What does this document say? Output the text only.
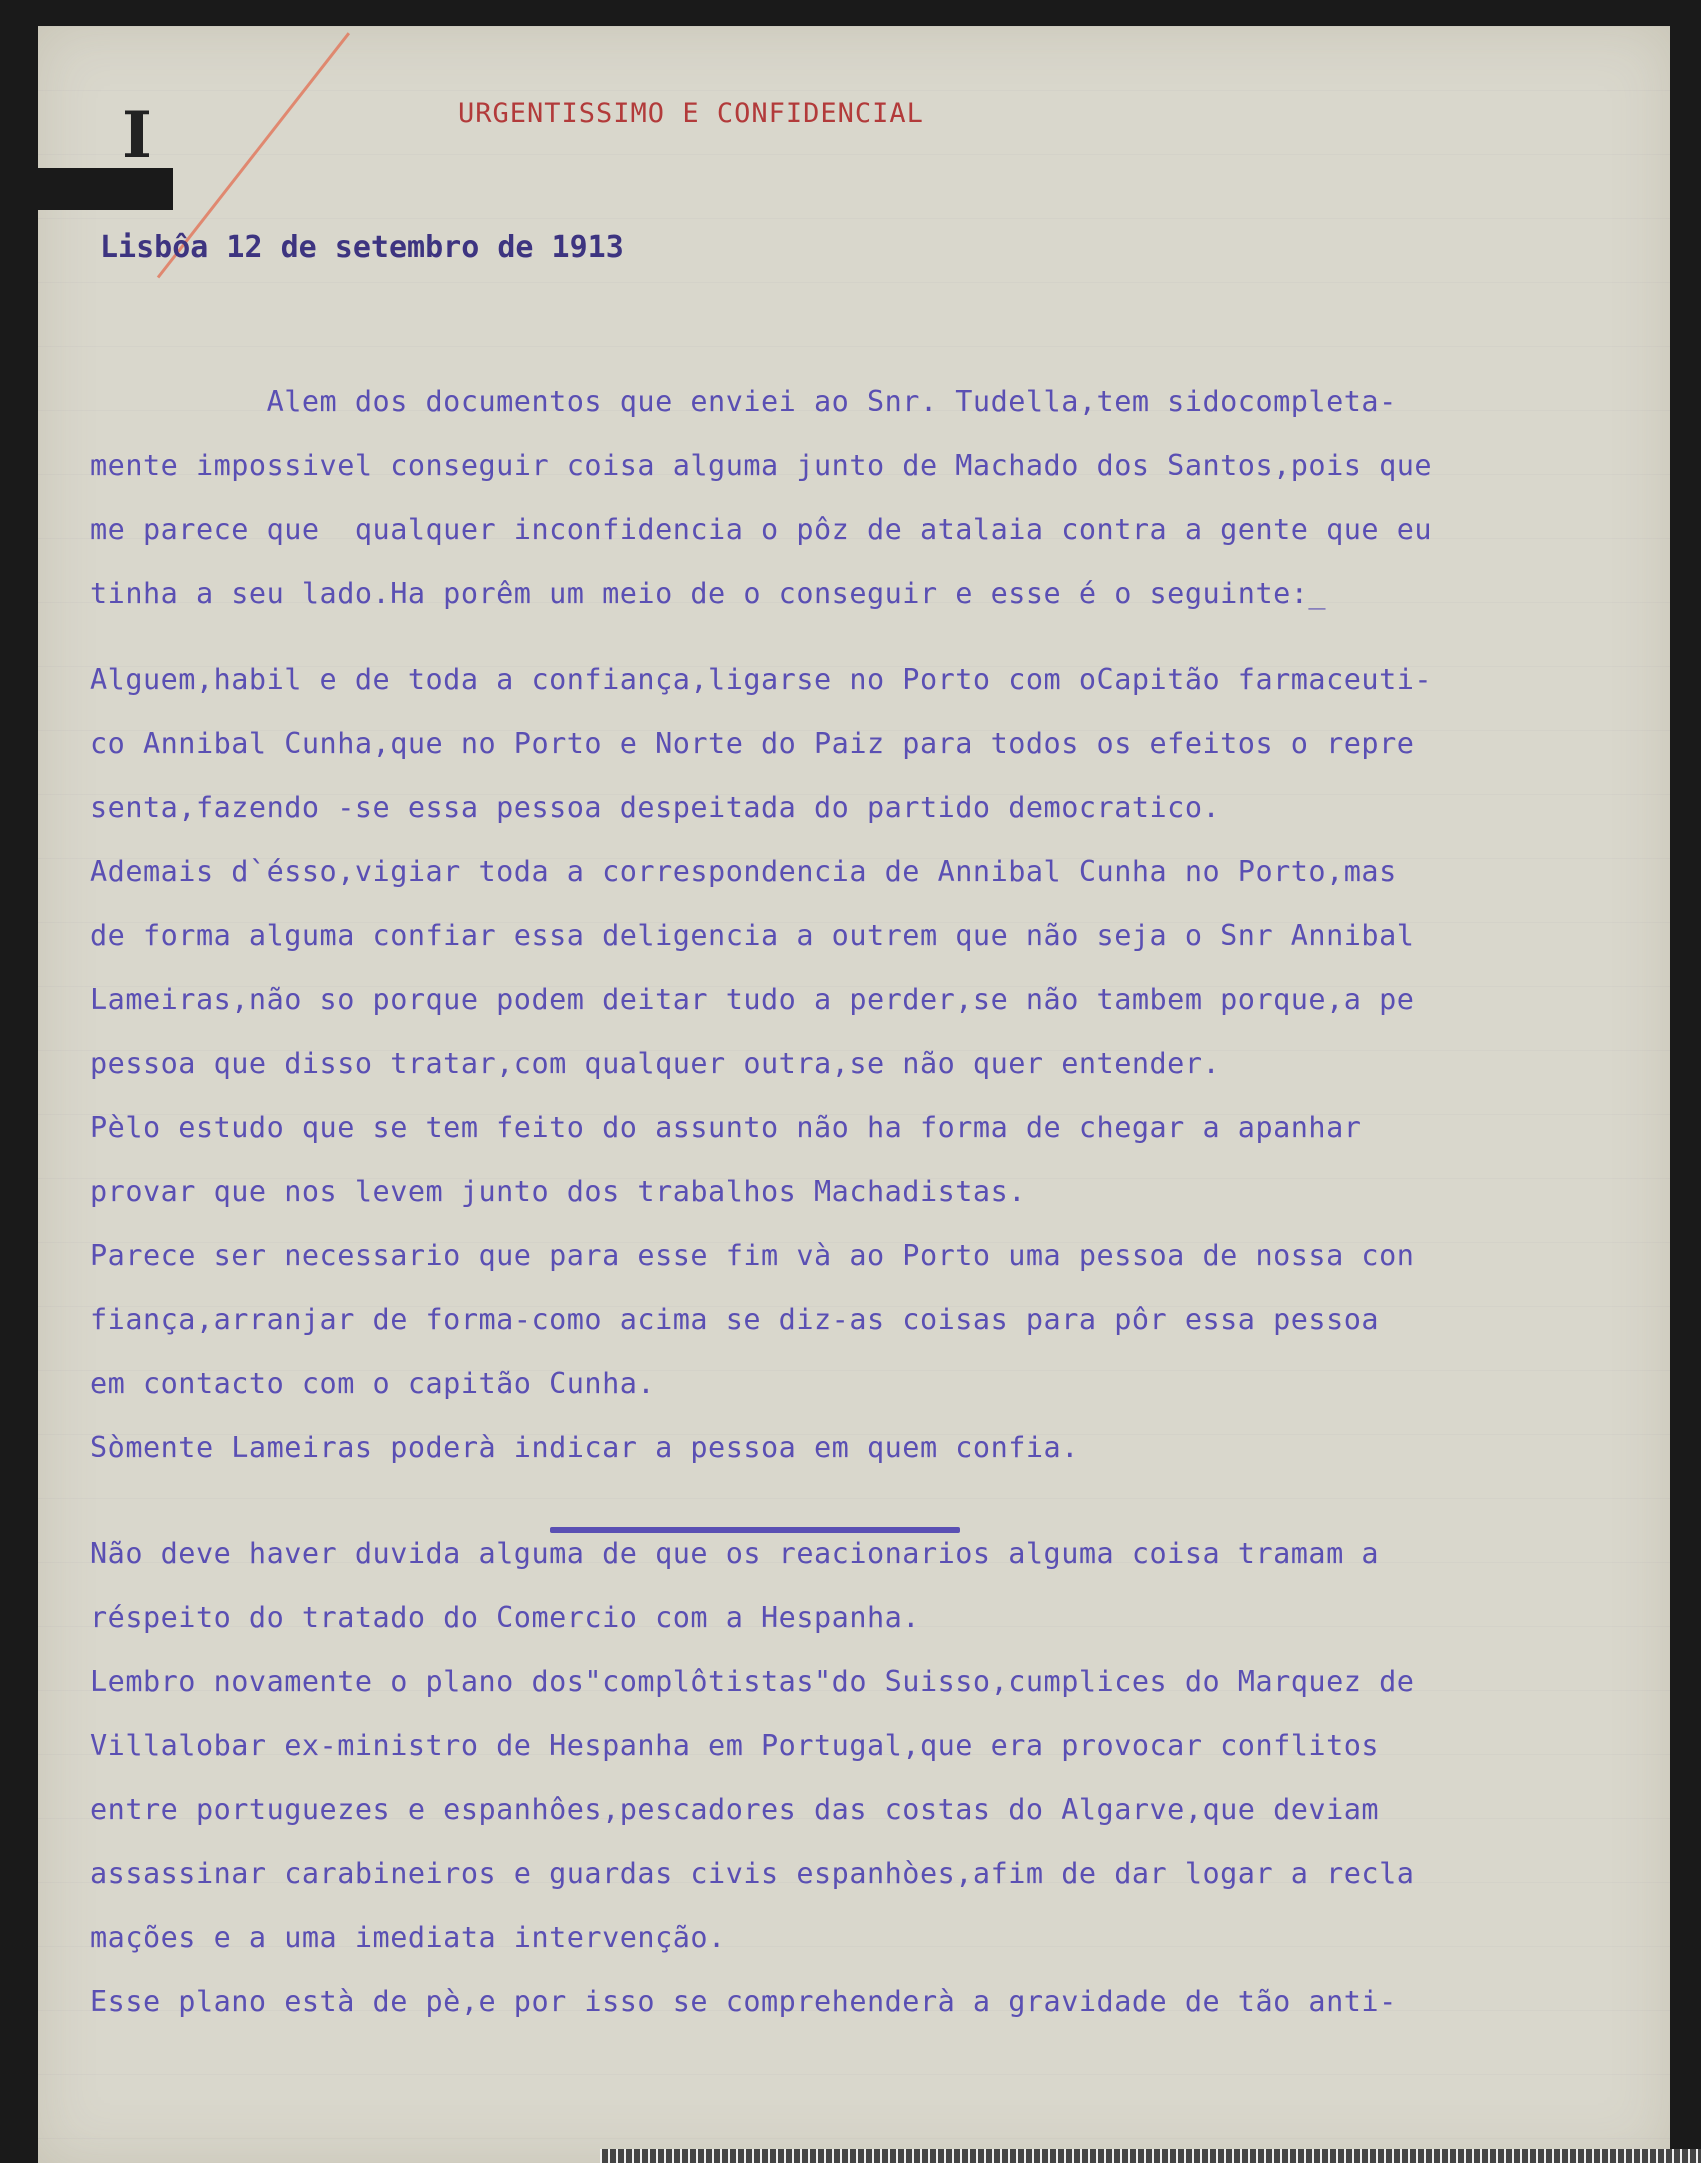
I	URGENTISSIMO E CONFIDENCIAL
Lisbôa 12 de setembro de 1913
Alem dos documentos que enviei ao Snr. Tudella,tem sidocompleta-
mente impossivel conseguir coisa alguma junto de Machado dos Santos,pois que
me parece que  qualquer inconfidencia o pôz de atalaia contra a gente que eu
tinha a seu lado.Ha porêm um meio de o conseguir e esse é o seguinte:_
Alguem,habil e de toda a confiança,ligarse no Porto com oCapitão farmaceuti-
co Annibal Cunha,que no Porto e Norte do Paiz para todos os efeitos o repre
senta,fazendo -se essa pessoa despeitada do partido democratico.
Ademais d`ésso,vigiar toda a correspondencia de Annibal Cunha no Porto,mas
de forma alguma confiar essa deligencia a outrem que não seja o Snr Annibal
Lameiras,não so porque podem deitar tudo a perder,se não tambem porque,a pe
pessoa que disso tratar,com qualquer outra,se não quer entender.
Pèlo estudo que se tem feito do assunto não ha forma de chegar a apanhar
provar que nos levem junto dos trabalhos Machadistas.
Parece ser necessario que para esse fim và ao Porto uma pessoa de nossa con
fiança,arranjar de forma-como acima se diz-as coisas para pôr essa pessoa
em contacto com o capitão Cunha.
Sòmente Lameiras poderà indicar a pessoa em quem confia.
Não deve haver duvida alguma de que os reacionarios alguma coisa tramam a
réspeito do tratado do Comercio com a Hespanha.
Lembro novamente o plano dos"complôtistas"do Suisso,cumplices do Marquez de
Villalobar ex-ministro de Hespanha em Portugal,que era provocar conflitos
entre portuguezes e espanhôes,pescadores das costas do Algarve,que deviam
assassinar carabineiros e guardas civis espanhòes,afim de dar logar a recla
mações e a uma imediata intervenção.
Esse plano està de pè,e por isso se comprehenderà a gravidade de tão anti-
